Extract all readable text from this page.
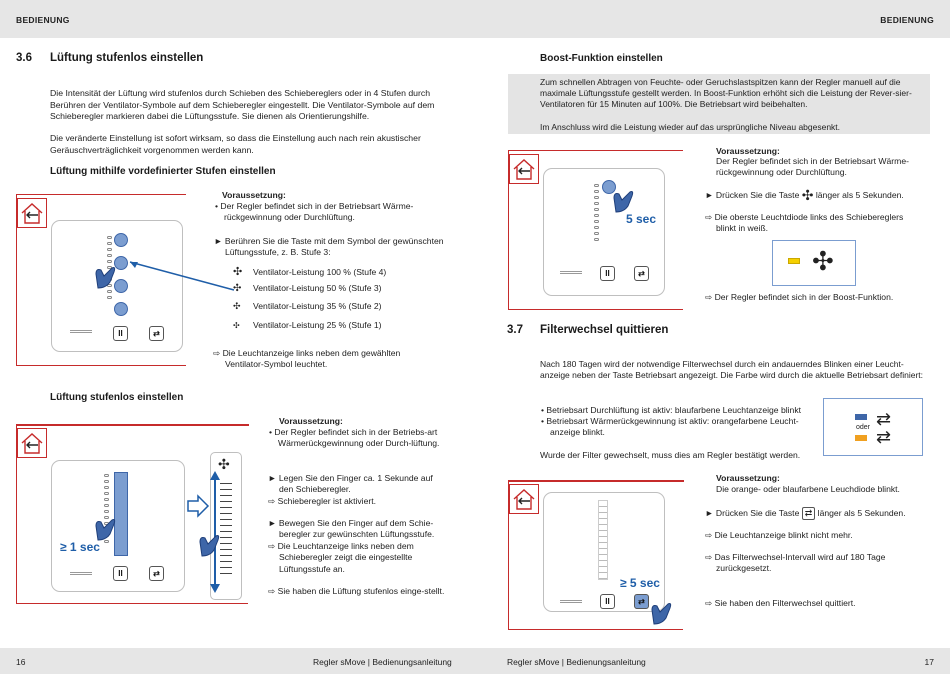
BEDIENUNG	BEDIENUNG
16	Regler sMove | Bedienungsanleitung	Regler sMove | Bedienungsanleitung	17
3.6 Lüftung stufenlos einstellen
Die Intensität der Lüftung wird stufenlos durch Schieben des Schiebereglers oder in 4 Stufen durch Berühren der Ventilator-Symbole auf dem Schieberegler eingestellt. Die Ventilator-Symbole auf dem Schieberegler markieren dabei die Lüftungsstufe. Sie dienen als Orientierungshilfe.
Die veränderte Einstellung ist sofort wirksam, so dass die Einstellung auch nach rein akustischer Geräuschverträglichkeit vorgenommen werden kann.
Lüftung mithilfe vordefinierter Stufen einstellen
II	⇄
Voraussetzung:
• Der Regler befindet sich in der Betriebsart Wärme-rückgewinnung oder Durchlüftung.
► Berühren Sie die Taste mit dem Symbol der gewünschten Lüftungsstufe, z. B. Stufe 3:
✣ Ventilator-Leistung 100 % (Stufe 4)
✣ Ventilator-Leistung 50 % (Stufe 3)
✣ Ventilator-Leistung 35 % (Stufe 2)
✣ Ventilator-Leistung 25 % (Stufe 1)
⇨ Die Leuchtanzeige links neben dem gewählten Ventilator-Symbol leuchtet.
Lüftung stufenlos einstellen
≥ 1 sec
II	⇄
✣
Voraussetzung:
• Der Regler befindet sich in der Betriebs-art Wärmerückgewinnung oder Durch-lüftung.
► Legen Sie den Finger ca. 1 Sekunde auf den Schieberegler.
⇨ Schieberegler ist aktiviert.
► Bewegen Sie den Finger auf dem Schie-beregler zur gewünschten Lüftungsstufe.
⇨ Die Leuchtanzeige links neben dem Schieberegler zeigt die eingestellte Lüftungsstufe an.
⇨ Sie haben die Lüftung stufenlos einge-stellt.
Boost-Funktion einstellen
Zum schnellen Abtragen von Feuchte- oder Geruchslastspitzen kann der Regler manuell auf die maximale Lüftungsstufe gestellt werden. In Boost-Funktion erhöht sich die Leistung der Rever-sier-Ventilatoren für 15 Minuten auf 100%. Die Betriebsart wird beibehalten.
Im Anschluss wird die Leistung wieder auf das ursprüngliche Niveau abgesenkt.
5 sec
II	⇄
Voraussetzung:
Der Regler befindet sich in der Betriebsart Wärme-rückgewinnung oder Durchlüftung.
► Drücken Sie die Taste ✣ länger als 5 Sekunden.
⇨ Die oberste Leuchtdiode links des Schiebereglers blinkt in weiß.
✣
⇨ Der Regler befindet sich in der Boost-Funktion.
3.7 Filterwechsel quittieren
Nach 180 Tagen wird der notwendige Filterwechsel durch ein andauerndes Blinken einer Leucht-anzeige neben der Taste Betriebsart angezeigt. Die Farbe wird durch die aktuelle Betriebsart definiert:
• Betriebsart Durchlüftung ist aktiv: blaufarbene Leuchtanzeige blinkt
• Betriebsart Wärmerückgewinnung ist aktiv: orangefarbene Leucht-anzeige blinkt.
Wurde der Filter gewechselt, muss dies am Regler bestätigt werden.
oder ⇄
⇄
≥ 5 sec
II	⇄
Voraussetzung:
Die orange- oder blaufarbene Leuchdiode blinkt.
► Drücken Sie die Taste ⇄ länger als 5 Sekunden.
⇨ Die Leuchtanzeige blinkt nicht mehr.
⇨ Das Filterwechsel-Intervall wird auf 180 Tage zurückgesetzt.
⇨ Sie haben den Filterwechsel quittiert.
